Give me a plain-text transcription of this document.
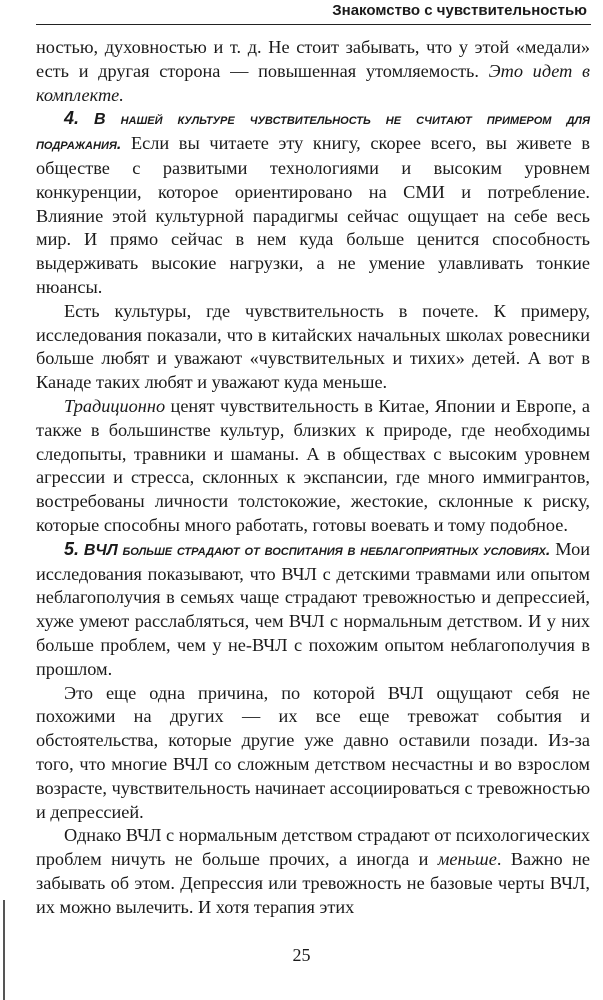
Знакомство с чувствительностью

ностью, духовностью и т. д. Не стоит забывать, что у этой «медали» есть и другая сторона — повышенная утомляемость. Это идет в комплекте.

4. В нашей культуре чувствительность не считают примером для подражания. Если вы читаете эту книгу, скорее всего, вы живете в обществе с развитыми технологиями и высоким уровнем конкуренции, которое ориентировано на СМИ и потребление. Влияние этой культурной парадигмы сейчас ощущает на себе весь мир. И прямо сейчас в нем куда больше ценится способность выдерживать высокие нагрузки, а не умение улавливать тонкие нюансы.

Есть культуры, где чувствительность в почете. К примеру, исследования показали, что в китайских начальных школах ровесники больше любят и уважают «чувствительных и тихих» детей. А вот в Канаде таких любят и уважают куда меньше.

Традиционно ценят чувствительность в Китае, Японии и Европе, а также в большинстве культур, близких к природе, где необходимы следопыты, травники и шаманы. А в обществах с высоким уровнем агрессии и стресса, склонных к экспансии, где много иммигрантов, востребованы личности толстокожие, жестокие, склонные к риску, которые способны много работать, готовы воевать и тому подобное.

5. ВЧЛ больше страдают от воспитания в неблагоприятных условиях. Мои исследования показывают, что ВЧЛ с детскими травмами или опытом неблагополучия в семьях чаще страдают тревожностью и депрессией, хуже умеют расслабляться, чем ВЧЛ с нормальным детством. И у них больше проблем, чем у не-ВЧЛ с похожим опытом неблагополучия в прошлом.

Это еще одна причина, по которой ВЧЛ ощущают себя не похожими на других — их все еще тревожат события и обстоятельства, которые другие уже давно оставили позади. Из-за того, что многие ВЧЛ со сложным детством несчастны и во взрослом возрасте, чувствительность начинает ассоциироваться с тревожностью и депрессией.

Однако ВЧЛ с нормальным детством страдают от психологических проблем ничуть не больше прочих, а иногда и меньше. Важно не забывать об этом. Депрессия или тревожность не базовые черты ВЧЛ, их можно вылечить. И хотя терапия этих

25
